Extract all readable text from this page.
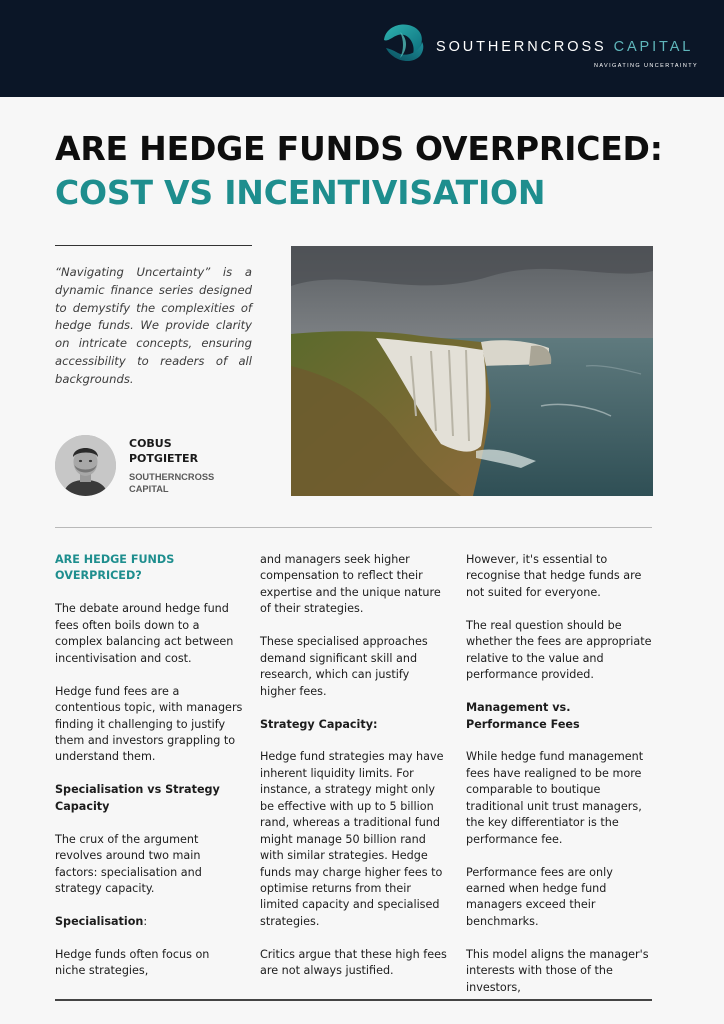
SOUTHERNCROSS CAPITAL
NAVIGATING UNCERTAINTY
ARE HEDGE FUNDS OVERPRICED:
COST VS INCENTIVISATION

“Navigating Uncertainty” is a dynamic finance series designed to demystify the complexities of hedge funds. We provide clarity on intricate concepts, ensuring accessibility to readers of all backgrounds.

COBUS
POTGIETER
SOUTHERNCROSS
CAPITAL

ARE HEDGE FUNDS OVERPRICED?

The debate around hedge fund fees often boils down to a complex balancing act between incentivisation and cost.

Hedge fund fees are a contentious topic, with managers finding it challenging to justify them and investors grappling to understand them.

Specialisation vs Strategy Capacity

The crux of the argument revolves around two main factors: specialisation and strategy capacity.

Specialisation:

Hedge funds often focus on niche strategies,

and managers seek higher compensation to reflect their expertise and the unique nature of their strategies.

These specialised approaches demand significant skill and research, which can justify higher fees.

Strategy Capacity:

Hedge fund strategies may have inherent liquidity limits. For instance, a strategy might only be effective with up to 5 billion rand, whereas a traditional fund might manage 50 billion rand with similar strategies. Hedge funds may charge higher fees to optimise returns from their limited capacity and specialised strategies.

Critics argue that these high fees are not always justified.

However, it's essential to recognise that hedge funds are not suited for everyone.

The real question should be whether the fees are appropriate relative to the value and performance provided.

Management vs. Performance Fees

While hedge fund management fees have realigned to be more comparable to boutique traditional unit trust managers, the key differentiator is the performance fee.

Performance fees are only earned when hedge fund managers exceed their benchmarks.

This model aligns the manager's interests with those of the investors,
